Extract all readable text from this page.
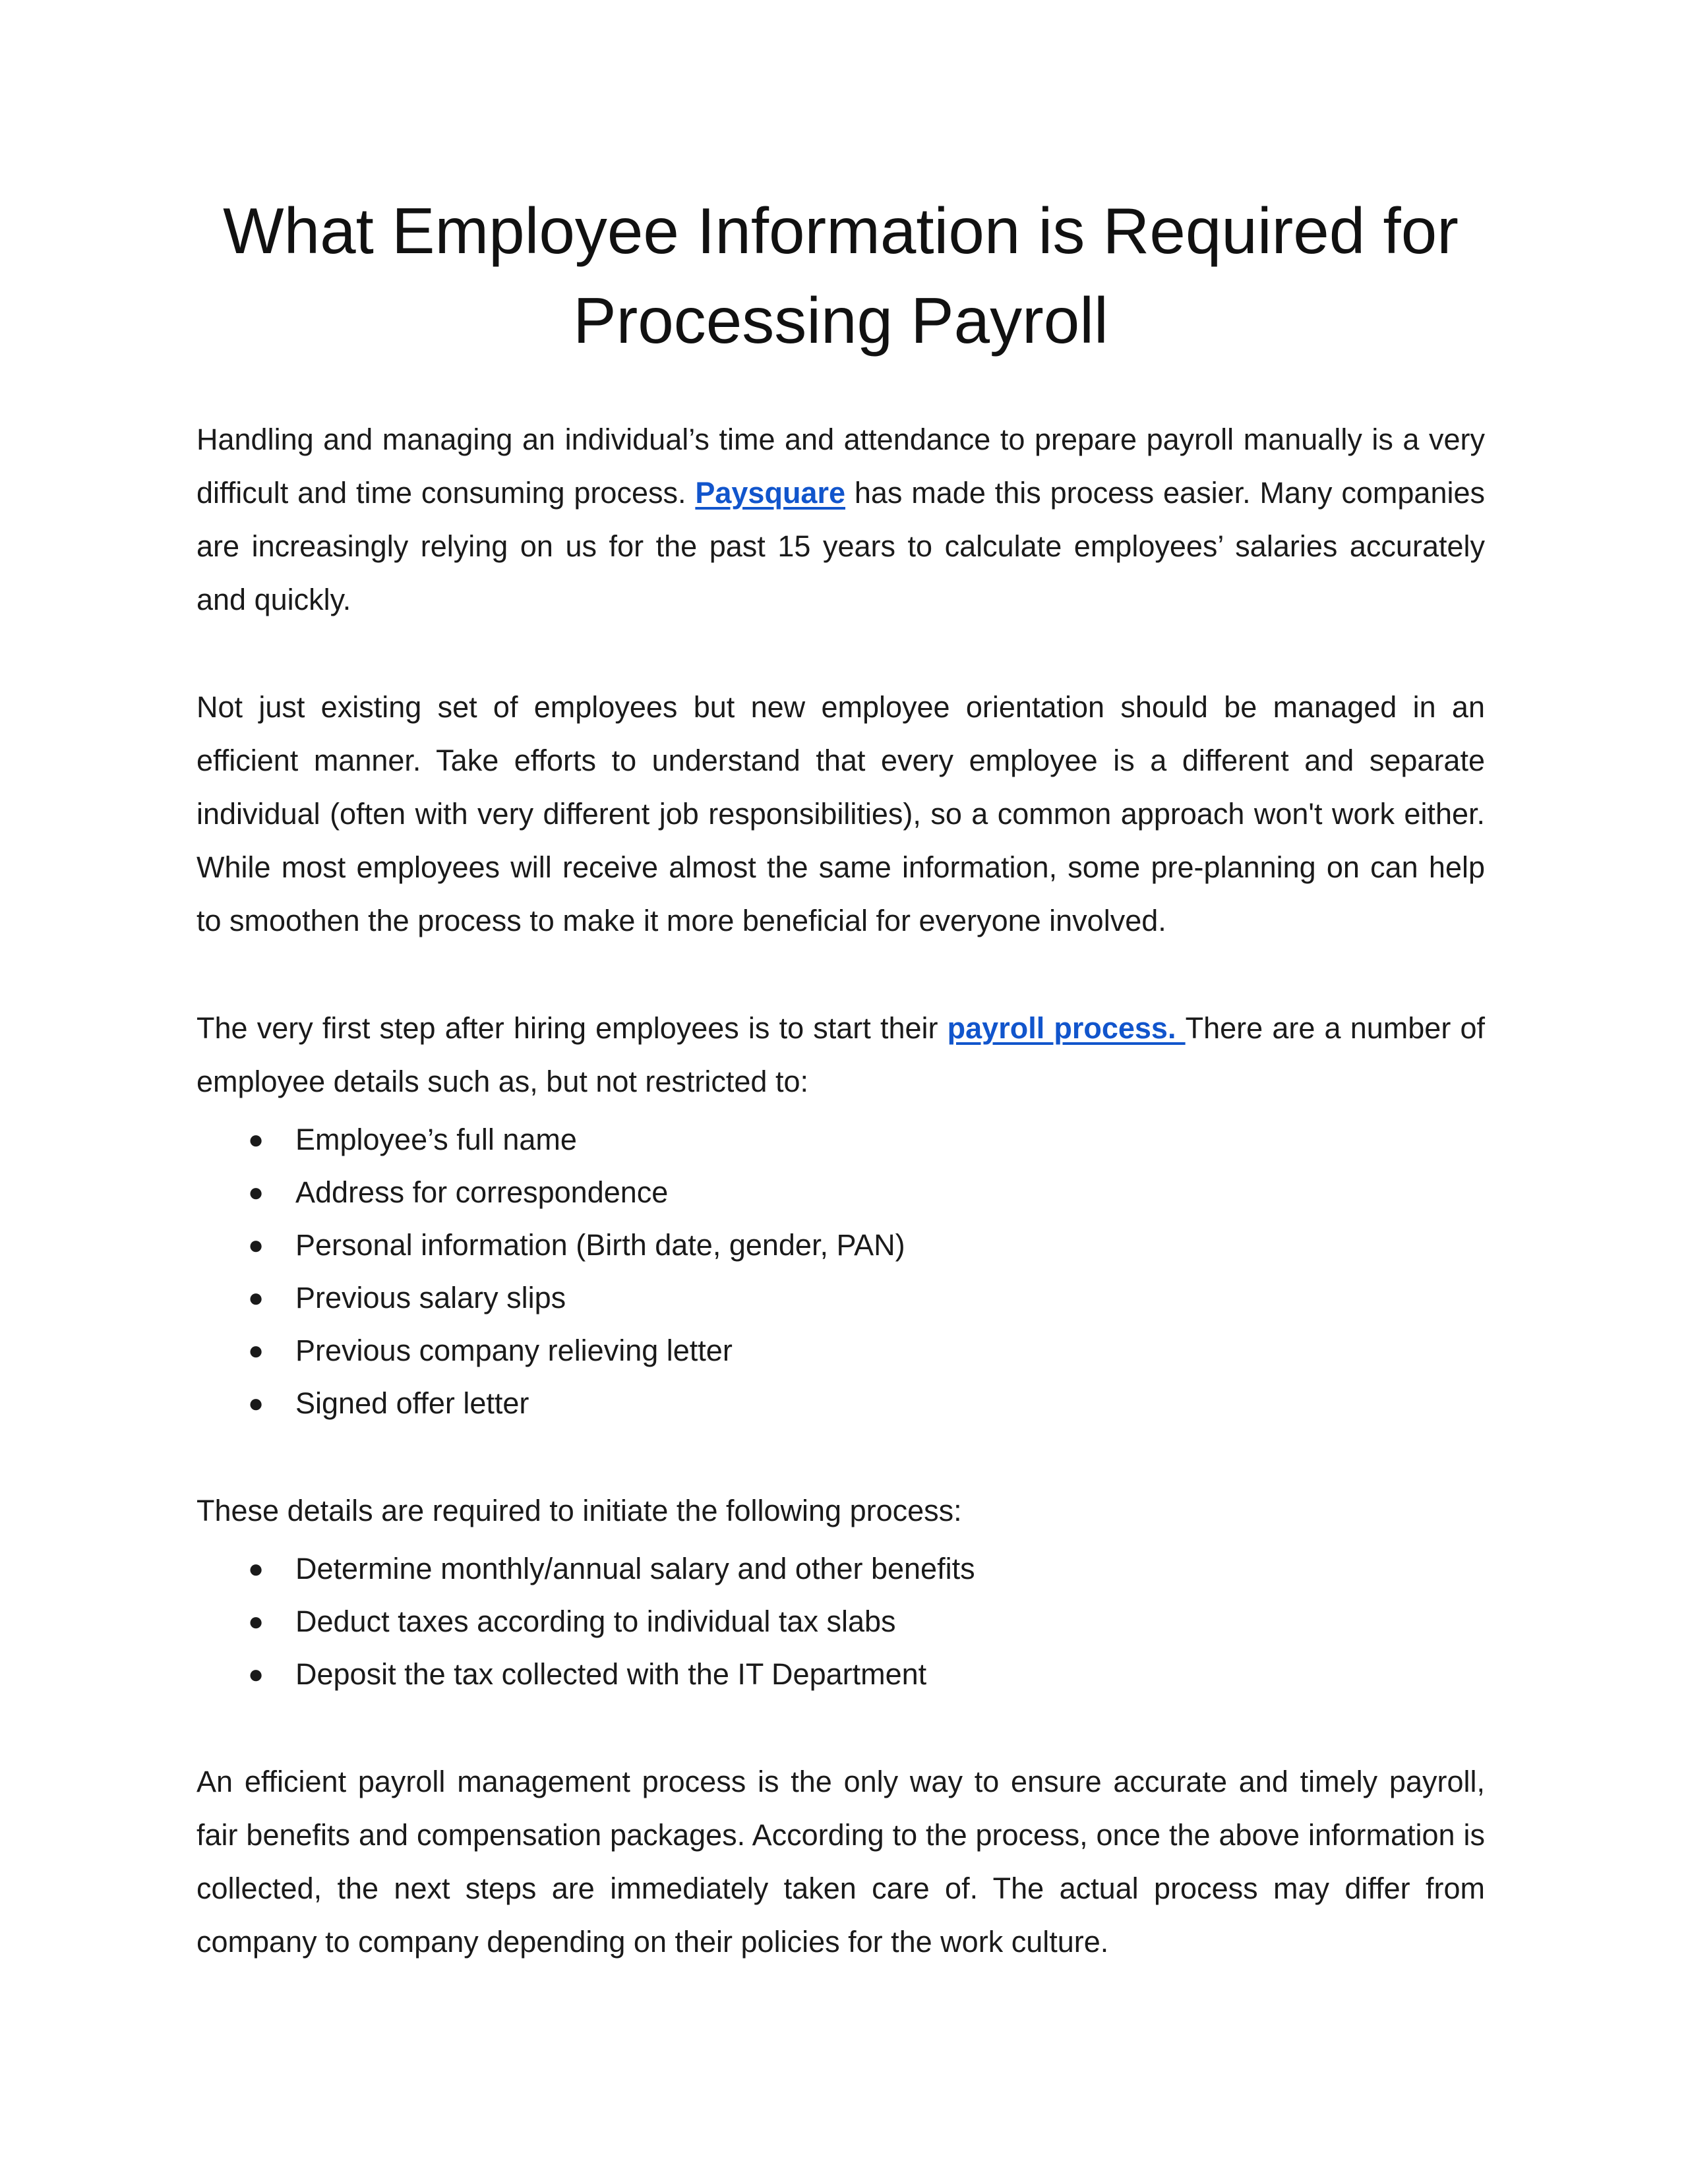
What Employee Information is Required for Processing Payroll

Handling and managing an individual’s time and attendance to prepare payroll manually is a very difficult and time consuming process. Paysquare has made this process easier. Many companies are increasingly relying on us for the past 15 years to calculate employees’ salaries accurately and quickly.

Not just existing set of employees but new employee orientation should be managed in an efficient manner. Take efforts to understand that every employee is a different and separate individual (often with very different job responsibilities), so a common approach won't work either. While most employees will receive almost the same information, some pre-planning on can help to smoothen the process to make it more beneficial for everyone involved.

The very first step after hiring employees is to start their payroll process. There are a number of employee details such as, but not restricted to:

● Employee’s full name
● Address for correspondence
● Personal information (Birth date, gender, PAN)
● Previous salary slips
● Previous company relieving letter
● Signed offer letter

These details are required to initiate the following process:

● Determine monthly/annual salary and other benefits
● Deduct taxes according to individual tax slabs
● Deposit the tax collected with the IT Department

An efficient payroll management process is the only way to ensure accurate and timely payroll, fair benefits and compensation packages. According to the process, once the above information is collected, the next steps are immediately taken care of. The actual process may differ from company to company depending on their policies for the work culture.
